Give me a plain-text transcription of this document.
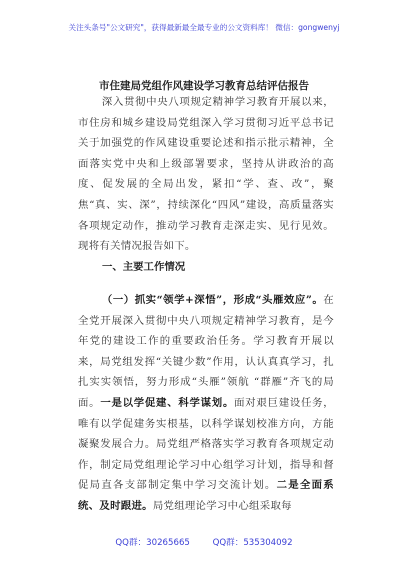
关注头条号"公文研究"，获得最新最全最专业的公文资料库！ 微信：gongwenyj
市住建局党组作风建设学习教育总结评估报告
深入贯彻中央八项规定精神学习教育开展以来，市住房和城乡建设局党组深入学习贯彻习近平总书记关于加强党的作风建设重要论述和指示批示精神，全面落实党中央和上级部署要求，坚持从讲政治的高度、促发展的全局出发，紧扣“学、查、改”，聚焦“真、实、深”，持续深化“四风”建设，高质量落实各项规定动作，推动学习教育走深走实、见行见效。现将有关情况报告如下。
一、主要工作情况
（一）抓实“领学+深悟”，形成“头雁效应”。在全党开展深入贯彻中央八项规定精神学习教育，是今年党的建设工作的重要政治任务。学习教育开展以来，局党组发挥“关键少数”作用，认认真真学习，扎扎实实领悟，努力形成“头雁”领航 “群雁”齐飞的局面。一是以学促建、科学谋划。面对艰巨建设任务，唯有以学促建务实根基，以科学谋划校准方向，方能凝聚发展合力。局党组严格落实学习教育各项规定动作，制定局党组理论学习中心组学习计划，指导和督促局直各支部制定集中学习交流计划。二是全面系统、及时跟进。局党组理论学习中心组采取每
QQ群：30265665	QQ群：535304092
